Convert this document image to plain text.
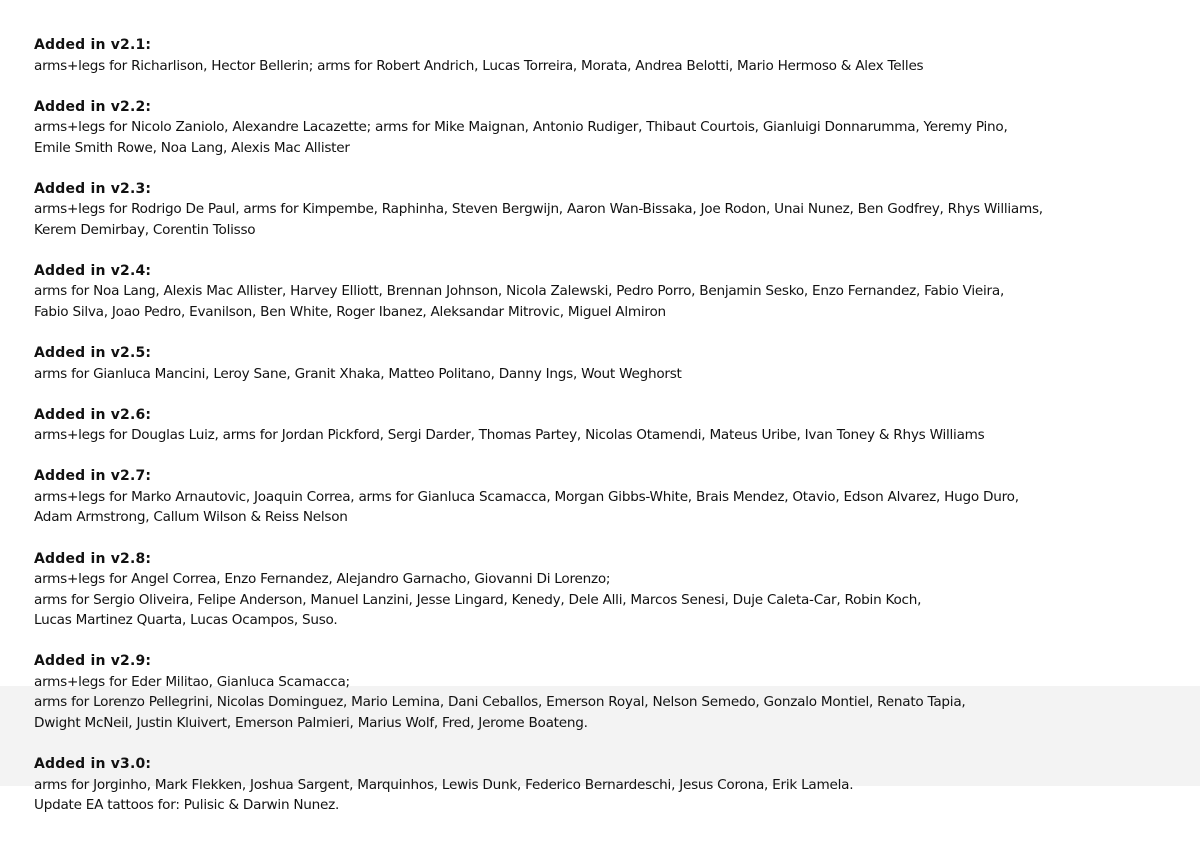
Added in v2.1:
arms+legs for Richarlison, Hector Bellerin; arms for Robert Andrich, Lucas Torreira, Morata, Andrea Belotti, Mario Hermoso & Alex Telles
Added in v2.2:
arms+legs for Nicolo Zaniolo, Alexandre Lacazette; arms for Mike Maignan, Antonio Rudiger, Thibaut Courtois, Gianluigi Donnarumma, Yeremy Pino,
Emile Smith Rowe, Noa Lang, Alexis Mac Allister
Added in v2.3:
arms+legs for Rodrigo De Paul, arms for Kimpembe, Raphinha, Steven Bergwijn, Aaron Wan-Bissaka, Joe Rodon, Unai Nunez, Ben Godfrey, Rhys Williams,
Kerem Demirbay, Corentin Tolisso
Added in v2.4:
arms for Noa Lang, Alexis Mac Allister, Harvey Elliott, Brennan Johnson, Nicola Zalewski, Pedro Porro, Benjamin Sesko, Enzo Fernandez, Fabio Vieira,
Fabio Silva, Joao Pedro, Evanilson, Ben White, Roger Ibanez, Aleksandar Mitrovic, Miguel Almiron
Added in v2.5:
arms for Gianluca Mancini, Leroy Sane, Granit Xhaka, Matteo Politano, Danny Ings, Wout Weghorst
Added in v2.6:
arms+legs for Douglas Luiz, arms for Jordan Pickford, Sergi Darder, Thomas Partey, Nicolas Otamendi, Mateus Uribe, Ivan Toney & Rhys Williams
Added in v2.7:
arms+legs for Marko Arnautovic, Joaquin Correa, arms for Gianluca Scamacca, Morgan Gibbs-White, Brais Mendez, Otavio, Edson Alvarez, Hugo Duro,
Adam Armstrong, Callum Wilson & Reiss Nelson
Added in v2.8:
arms+legs for Angel Correa, Enzo Fernandez, Alejandro Garnacho, Giovanni Di Lorenzo;
arms for Sergio Oliveira, Felipe Anderson, Manuel Lanzini, Jesse Lingard, Kenedy, Dele Alli, Marcos Senesi, Duje Caleta-Car, Robin Koch,
Lucas Martinez Quarta, Lucas Ocampos, Suso.
Added in v2.9:
arms+legs for Eder Militao, Gianluca Scamacca;
arms for Lorenzo Pellegrini, Nicolas Dominguez, Mario Lemina, Dani Ceballos, Emerson Royal, Nelson Semedo, Gonzalo Montiel, Renato Tapia,
Dwight McNeil, Justin Kluivert, Emerson Palmieri, Marius Wolf, Fred, Jerome Boateng.
Added in v3.0:
arms for Jorginho, Mark Flekken, Joshua Sargent, Marquinhos, Lewis Dunk, Federico Bernardeschi, Jesus Corona, Erik Lamela.
Update EA tattoos for: Pulisic & Darwin Nunez.
